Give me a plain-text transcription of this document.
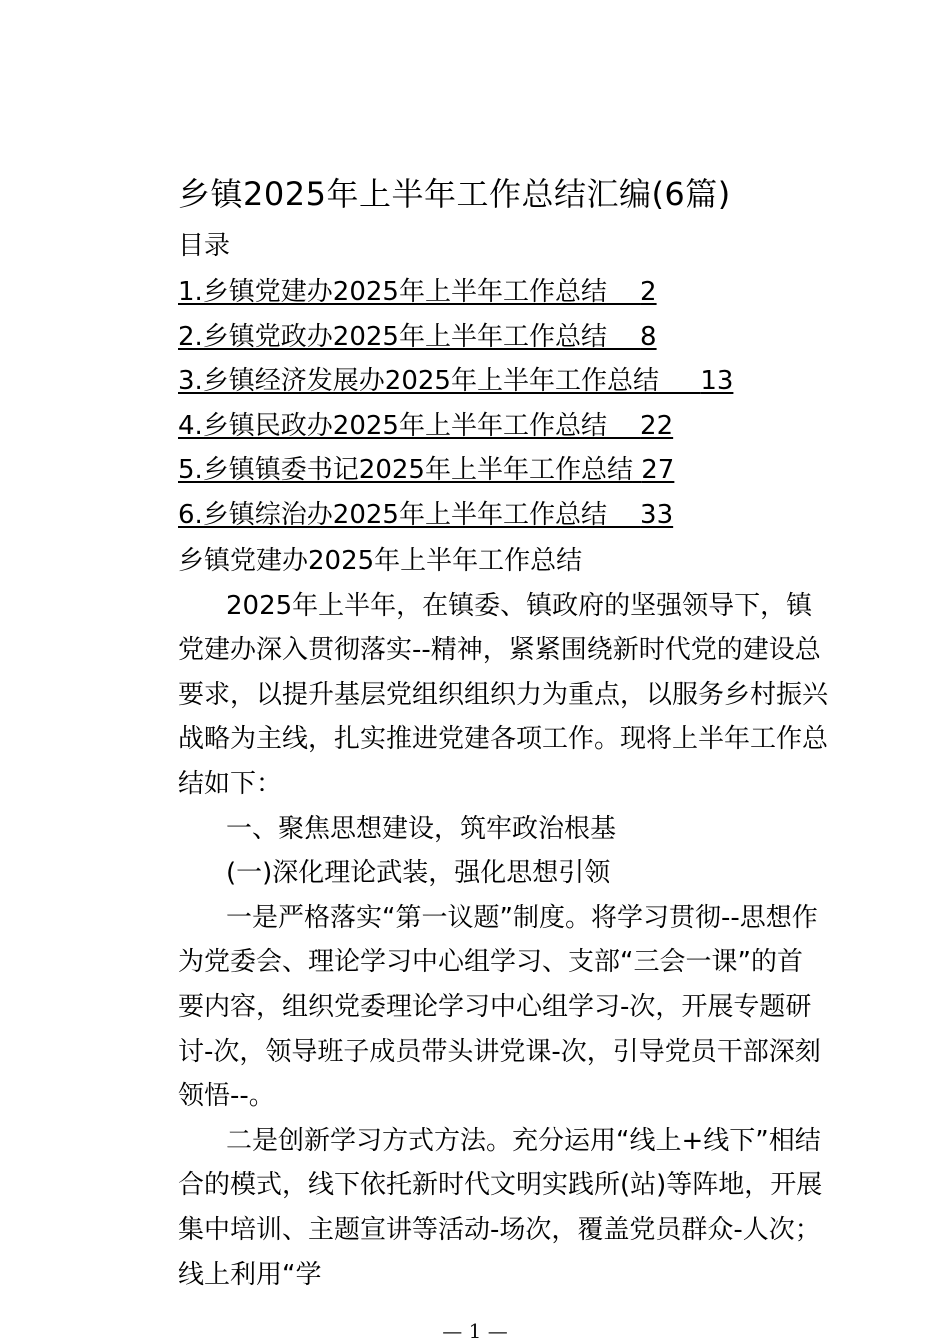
乡镇2025年上半年工作总结汇编(6篇)
目录
1.乡镇党建办2025年上半年工作总结 2
2.乡镇党政办2025年上半年工作总结 8
3.乡镇经济发展办2025年上半年工作总结 13
4.乡镇民政办2025年上半年工作总结 22
5.乡镇镇委书记2025年上半年工作总结 27
6.乡镇综治办2025年上半年工作总结 33

乡镇党建办2025年上半年工作总结

2025年上半年，在镇委、镇政府的坚强领导下，镇党建办深入贯彻落实--精神，紧紧围绕新时代党的建设总要求，以提升基层党组织组织力为重点，以服务乡村振兴战略为主线，扎实推进党建各项工作。现将上半年工作总结如下：

一、聚焦思想建设，筑牢政治根基

(一)深化理论武装，强化思想引领

一是严格落实“第一议题”制度。将学习贯彻--思想作为党委会、理论学习中心组学习、支部“三会一课”的首要内容，组织党委理论学习中心组学习-次，开展专题研讨-次，领导班子成员带头讲党课-次，引导党员干部深刻领悟--。

二是创新学习方式方法。充分运用“线上+线下”相结合的模式，线下依托新时代文明实践所(站)等阵地，开展集中培训、主题宣讲等活动-场次，覆盖党员群众-人次；线上利用“学

— 1 —
